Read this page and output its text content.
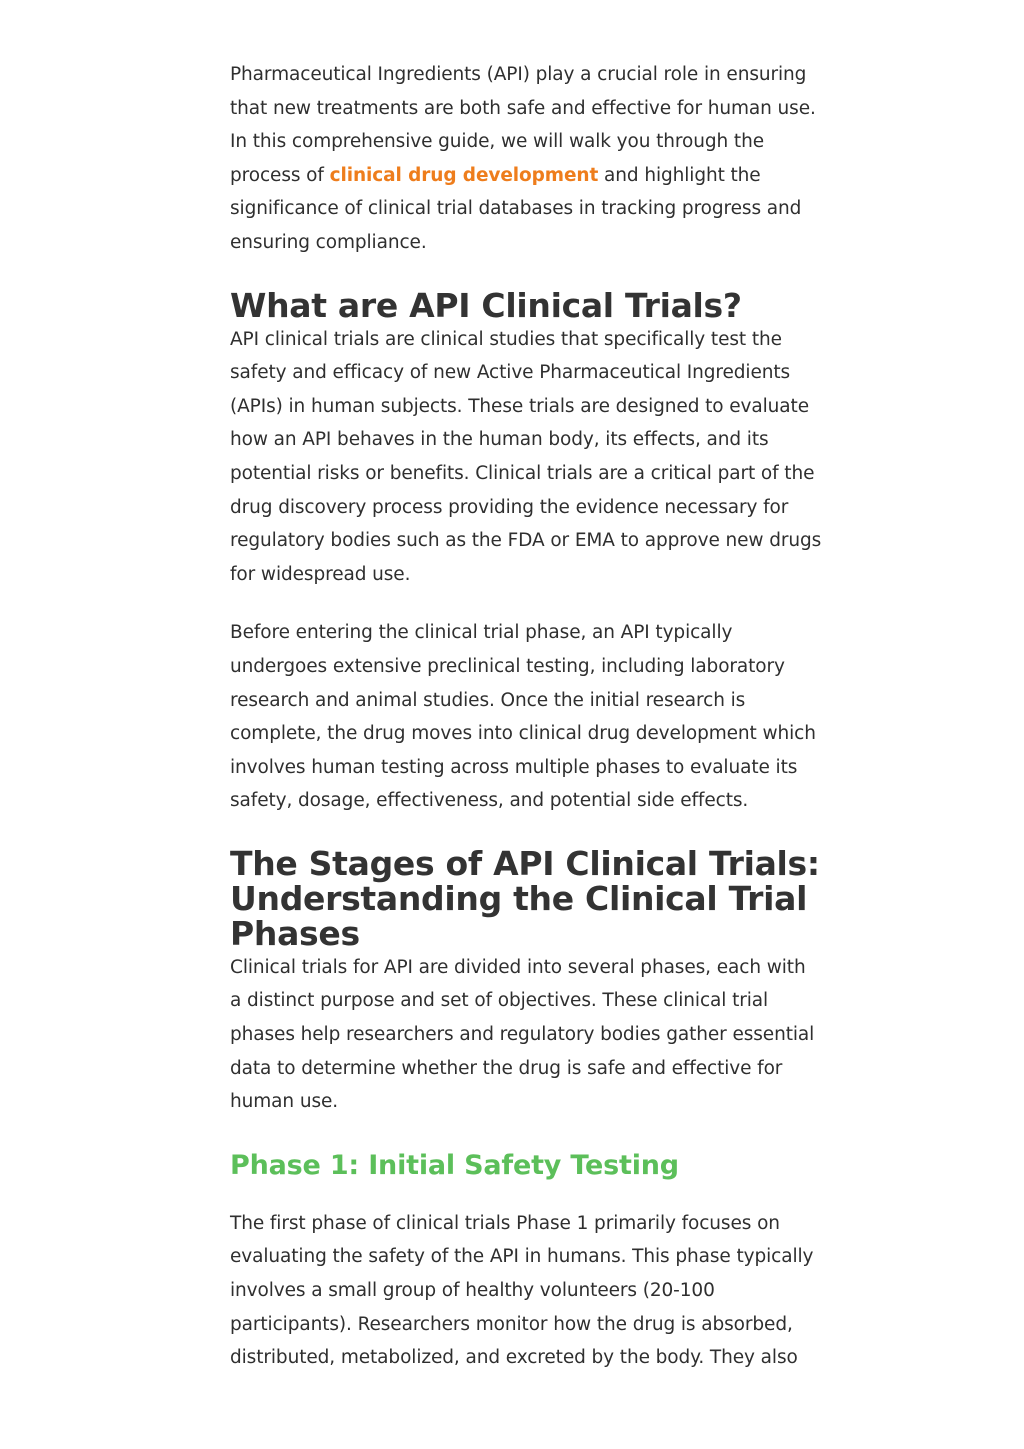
Pharmaceutical Ingredients (API) play a crucial role in ensuring that new treatments are both safe and effective for human use. In this comprehensive guide, we will walk you through the process of clinical drug development and highlight the significance of clinical trial databases in tracking progress and ensuring compliance.

What are API Clinical Trials?

API clinical trials are clinical studies that specifically test the safety and efficacy of new Active Pharmaceutical Ingredients (APIs) in human subjects. These trials are designed to evaluate how an API behaves in the human body, its effects, and its potential risks or benefits. Clinical trials are a critical part of the drug discovery process providing the evidence necessary for regulatory bodies such as the FDA or EMA to approve new drugs for widespread use.

Before entering the clinical trial phase, an API typically undergoes extensive preclinical testing, including laboratory research and animal studies. Once the initial research is complete, the drug moves into clinical drug development which involves human testing across multiple phases to evaluate its safety, dosage, effectiveness, and potential side effects.

The Stages of API Clinical Trials: Understanding the Clinical Trial Phases

Clinical trials for API are divided into several phases, each with a distinct purpose and set of objectives. These clinical trial phases help researchers and regulatory bodies gather essential data to determine whether the drug is safe and effective for human use.

Phase 1: Initial Safety Testing

The first phase of clinical trials Phase 1 primarily focuses on evaluating the safety of the API in humans. This phase typically involves a small group of healthy volunteers (20-100 participants). Researchers monitor how the drug is absorbed, distributed, metabolized, and excreted by the body. They also
